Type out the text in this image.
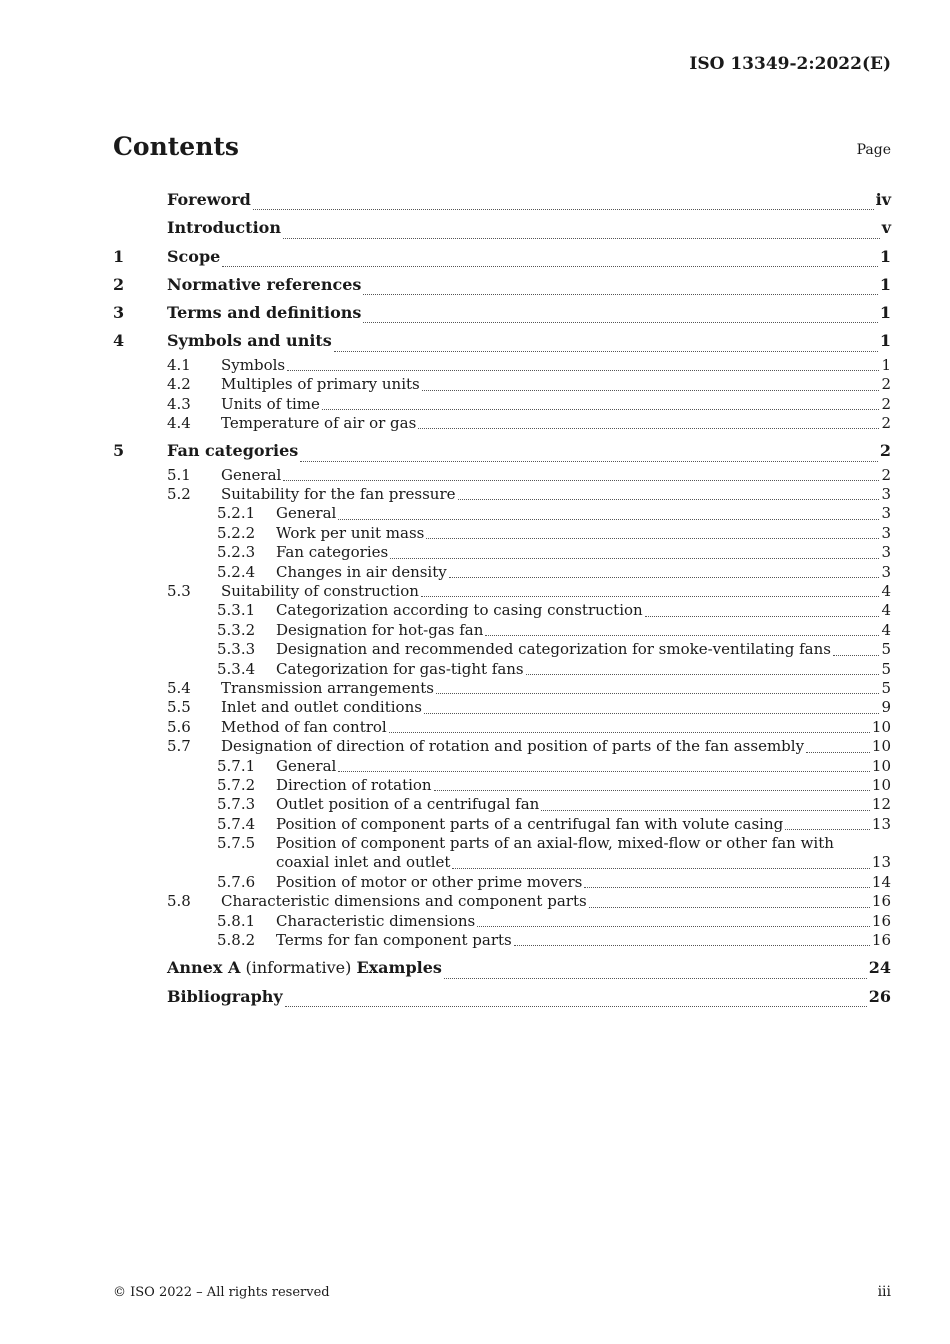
ISO 13349-2:2022(E)
Contents	Page
Foreword	iv
Introduction	v
1	Scope	1
2	Normative references	1
3	Terms and definitions	1
4	Symbols and units	1
4.1	Symbols	1
4.2	Multiples of primary units	2
4.3	Units of time	2
4.4	Temperature of air or gas	2
5	Fan categories	2
5.1	General	2
5.2	Suitability for the fan pressure	3
5.2.1	General	3
5.2.2	Work per unit mass	3
5.2.3	Fan categories	3
5.2.4	Changes in air density	3
5.3	Suitability of construction	4
5.3.1	Categorization according to casing construction	4
5.3.2	Designation for hot-gas fan	4
5.3.3	Designation and recommended categorization for smoke-ventilating fans	5
5.3.4	Categorization for gas-tight fans	5
5.4	Transmission arrangements	5
5.5	Inlet and outlet conditions	9
5.6	Method of fan control	10
5.7	Designation of direction of rotation and position of parts of the fan assembly	10
5.7.1	General	10
5.7.2	Direction of rotation	10
5.7.3	Outlet position of a centrifugal fan	12
5.7.4	Position of component parts of a centrifugal fan with volute casing	13
5.7.5	Position of component parts of an axial-flow, mixed-flow or other fan with
coaxial inlet and outlet	13
5.7.6	Position of motor or other prime movers	14
5.8	Characteristic dimensions and component parts	16
5.8.1	Characteristic dimensions	16
5.8.2	Terms for fan component parts	16
Annex A (informative) Examples	24
Bibliography	26
© ISO 2022 – All rights reserved	iii
